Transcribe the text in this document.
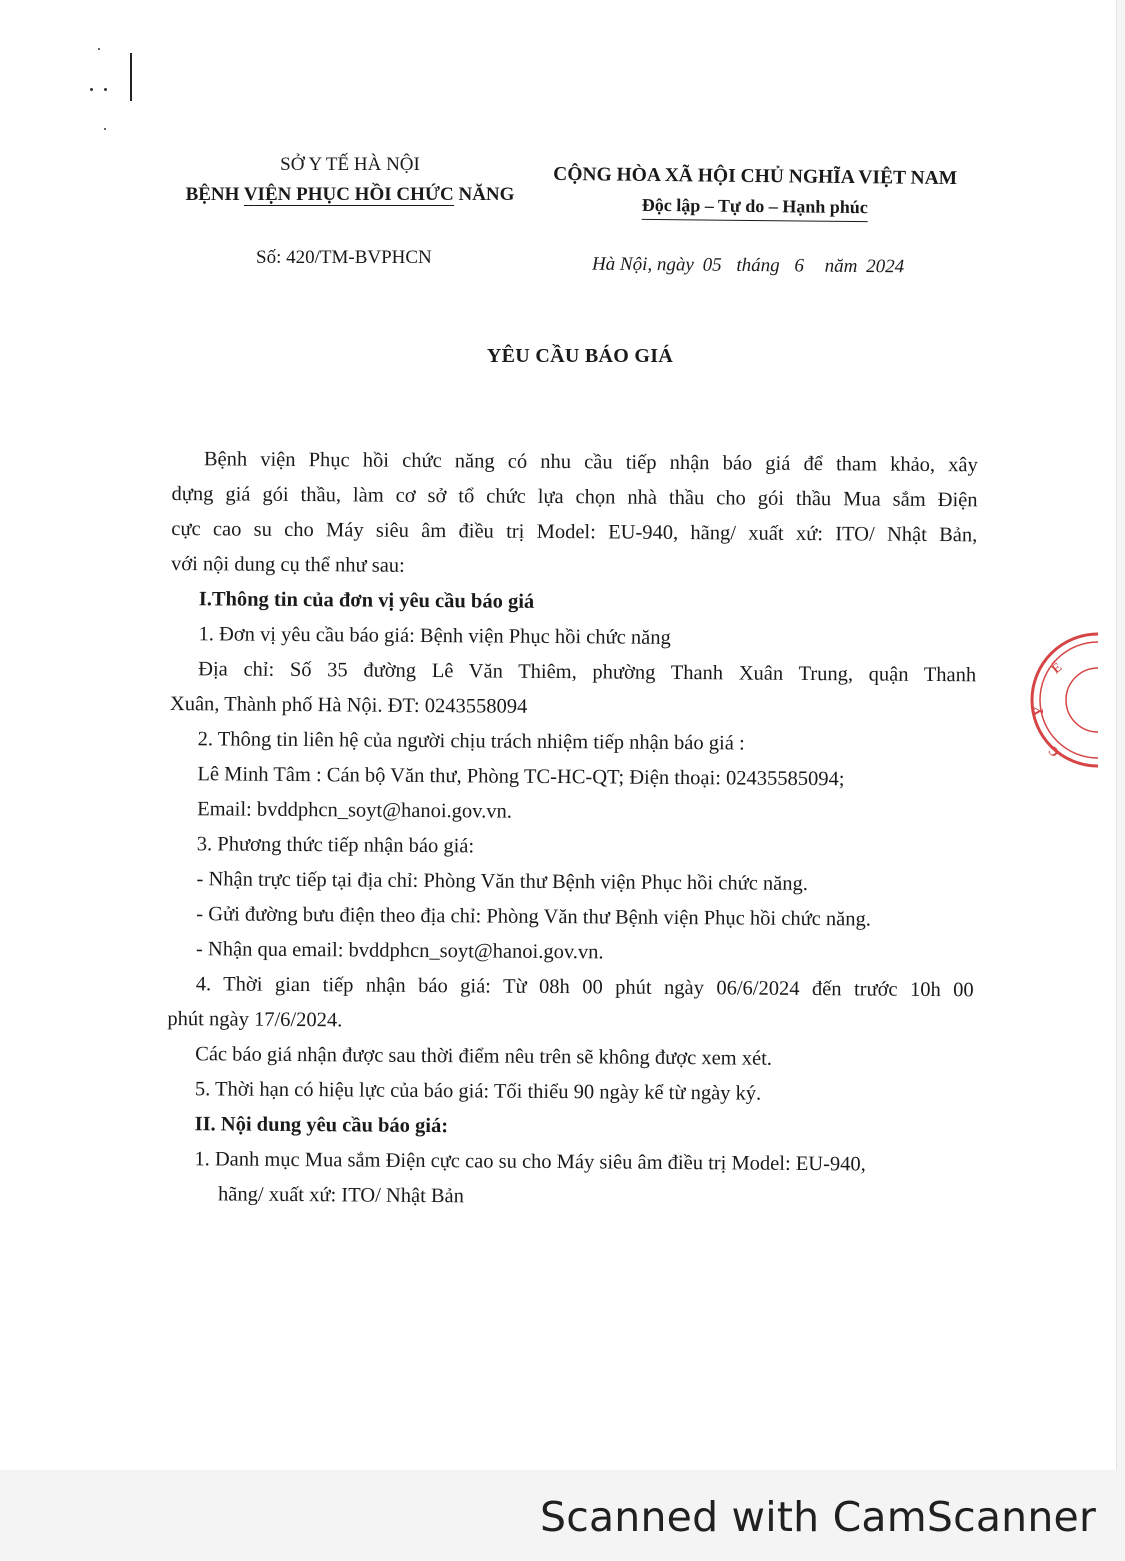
SỞ Y TẾ HÀ NỘI
BỆNH VIỆN PHỤC HỒI CHỨC NĂNG
CỘNG HÒA XÃ HỘI CHỦ NGHĨA VIỆT NAM
Độc lập – Tự do – Hạnh phúc
Số: 420/TM-BVPHCN	Hà Nội, ngày 05 tháng 6 năm 2024
YÊU CẦU BÁO GIÁ

Bệnh viện Phục hồi chức năng có nhu cầu tiếp nhận báo giá để tham khảo, xây

dựng giá gói thầu, làm cơ sở tổ chức lựa chọn nhà thầu cho gói thầu Mua sắm Điện

cực cao su cho Máy siêu âm điều trị Model: EU-940, hãng/ xuất xứ: ITO/ Nhật Bản,

với nội dung cụ thể như sau:

I.Thông tin của đơn vị yêu cầu báo giá

1. Đơn vị yêu cầu báo giá: Bệnh viện Phục hồi chức năng

Địa chỉ: Số 35 đường Lê Văn Thiêm, phường Thanh Xuân Trung, quận Thanh

Xuân, Thành phố Hà Nội. ĐT: 0243558094

2. Thông tin liên hệ của người chịu trách nhiệm tiếp nhận báo giá :

Lê Minh Tâm : Cán bộ Văn thư, Phòng TC-HC-QT; Điện thoại: 02435585094;

Email: bvddphcn_soyt@hanoi.gov.vn.

3. Phương thức tiếp nhận báo giá:

- Nhận trực tiếp tại địa chỉ: Phòng Văn thư Bệnh viện Phục hồi chức năng.

- Gửi đường bưu điện theo địa chỉ: Phòng Văn thư Bệnh viện Phục hồi chức năng.

- Nhận qua email: bvddphcn_soyt@hanoi.gov.vn.

4. Thời gian tiếp nhận báo giá: Từ 08h 00 phút ngày 06/6/2024 đến trước 10h 00

phút ngày 17/6/2024.

Các báo giá nhận được sau thời điểm nêu trên sẽ không được xem xét.

5. Thời hạn có hiệu lực của báo giá: Tối thiểu 90 ngày kể từ ngày ký.

II. Nội dung yêu cầu báo giá:

1. Danh mục Mua sắm Điện cực cao su cho Máy siêu âm điều trị Model: EU-940,

hãng/ xuất xứ: ITO/ Nhật Bản

Ế
Y
C
Scanned with CamScanner
